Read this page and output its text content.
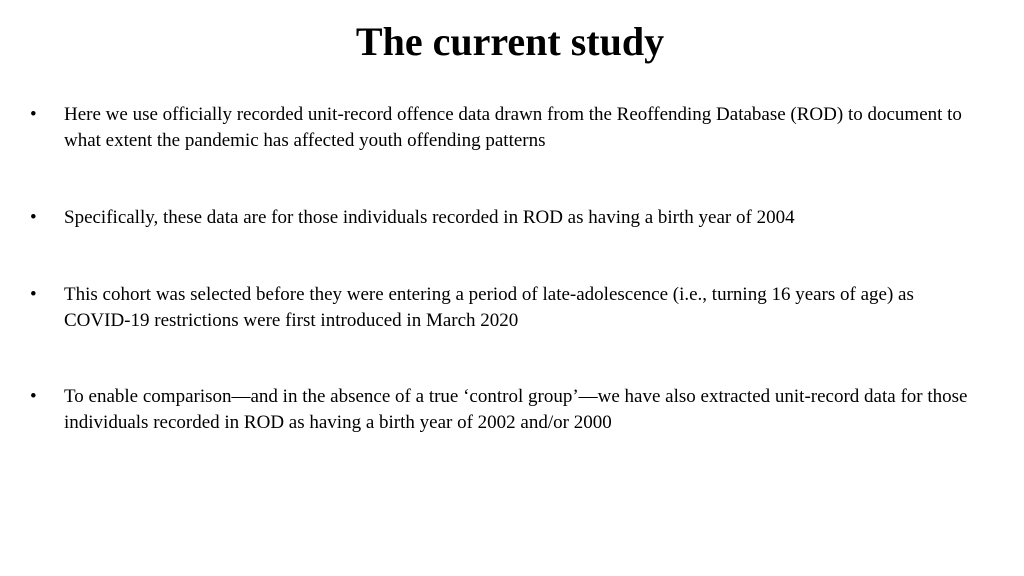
The current study
•	Here we use officially recorded unit-record offence data drawn from the Reoffending Database (ROD) to document to what extent the pandemic has affected youth offending patterns
•	Specifically, these data are for those individuals recorded in ROD as having a birth year of 2004
•	This cohort was selected before they were entering a period of late-adolescence (i.e., turning 16 years of age) as COVID-19 restrictions were first introduced in March 2020
•	To enable comparison—and in the absence of a true ‘control group’—we have also extracted unit-record data for those individuals recorded in ROD as having a birth year of 2002 and/or 2000
